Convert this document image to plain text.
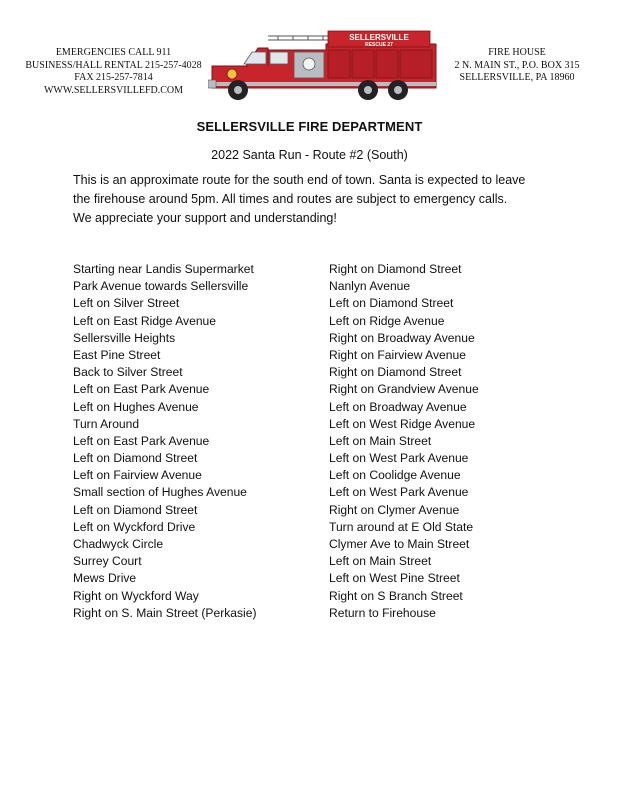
EMERGENCIES CALL 911
BUSINESS/HALL RENTAL 215-257-4028
FAX 215-257-7814
WWW.SELLERSVILLEFD.COM
SELLERSVILLE
RESCUE 27
FIRE HOUSE
2 N. MAIN ST., P.O. BOX 315
SELLERSVILLE, PA 18960
SELLERSVILLE FIRE DEPARTMENT
2022 Santa Run - Route #2 (South)
This is an approximate route for the south end of town. Santa is expected to leave
the firehouse around 5pm. All times and routes are subject to emergency calls.
We appreciate your support and understanding!
Starting near Landis Supermarket
Park Avenue towards Sellersville
Left on Silver Street
Left on East Ridge Avenue
Sellersville Heights
East Pine Street
Back to Silver Street
Left on East Park Avenue
Left on Hughes Avenue
Turn Around
Left on East Park Avenue
Left on Diamond Street
Left on Fairview Avenue
Small section of Hughes Avenue
Left on Diamond Street
Left on Wyckford Drive
Chadwyck Circle
Surrey Court
Mews Drive
Right on Wyckford Way
Right on S. Main Street (Perkasie)
Right on Diamond Street
Nanlyn Avenue
Left on Diamond Street
Left on Ridge Avenue
Right on Broadway Avenue
Right on Fairview Avenue
Right on Diamond Street
Right on Grandview Avenue
Left on Broadway Avenue
Left on West Ridge Avenue
Left on Main Street
Left on West Park Avenue
Left on Coolidge Avenue
Left on West Park Avenue
Right on Clymer Avenue
Turn around at E Old State
Clymer Ave to Main Street
Left on Main Street
Left on West Pine Street
Right on S Branch Street
Return to Firehouse
